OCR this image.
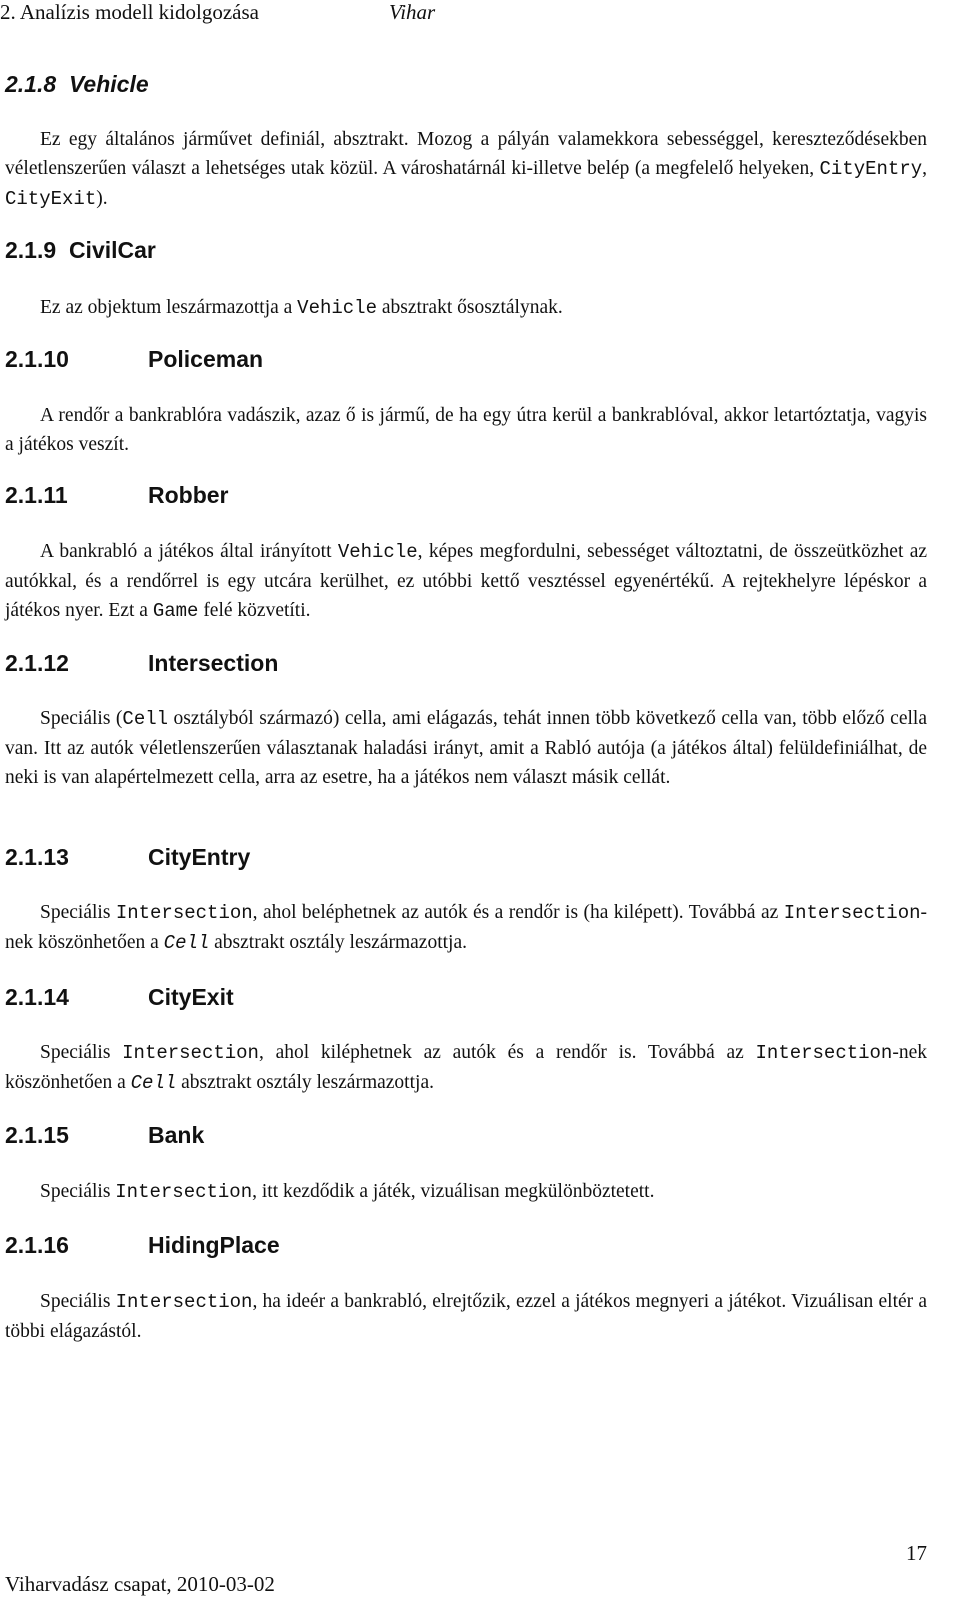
2. Analízis modell kidolgozása	Vihar
2.1.8 Vehicle
Ez egy általános járművet definiál, absztrakt. Mozog a pályán valamekkora sebességgel, kereszteződésekben véletlenszerűen választ a lehetséges utak közül. A városhatárnál ki-illetve belép (a megfelelő helyeken, CityEntry, CityExit).
2.1.9 CivilCar
Ez az objektum leszármazottja a Vehicle absztrakt ősosztálynak.
2.1.10	Policeman
A rendőr a bankrablóra vadászik, azaz ő is jármű, de ha egy útra kerül a bankrablóval, akkor letartóztatja, vagyis a játékos veszít.
2.1.11	Robber
A bankrabló a játékos által irányított Vehicle, képes megfordulni, sebességet változtatni, de összeütközhet az autókkal, és a rendőrrel is egy utcára kerülhet, ez utóbbi kettő vesztéssel egyenértékű. A rejtekhelyre lépéskor a játékos nyer. Ezt a Game felé közvetíti.
2.1.12	Intersection
Speciális (Cell osztályból származó) cella, ami elágazás, tehát innen több következő cella van, több előző cella van. Itt az autók véletlenszerűen választanak haladási irányt, amit a Rabló autója (a játékos által) felüldefiniálhat, de neki is van alapértelmezett cella, arra az esetre, ha a játékos nem választ másik cellát.
2.1.13	CityEntry
Speciális Intersection, ahol beléphetnek az autók és a rendőr is (ha kilépett). Továbbá az Intersection-nek köszönhetően a Cell absztrakt osztály leszármazottja.
2.1.14	CityExit
Speciális Intersection, ahol kiléphetnek az autók és a rendőr is. Továbbá az Intersection-nek köszönhetően a Cell absztrakt osztály leszármazottja.
2.1.15	Bank
Speciális Intersection, itt kezdődik a játék, vizuálisan megkülönböztetett.
2.1.16	HidingPlace
Speciális Intersection, ha ideér a bankrabló, elrejtőzik, ezzel a játékos megnyeri a játékot. Vizuálisan eltér a többi elágazástól.
17
Viharvadász csapat, 2010-03-02
